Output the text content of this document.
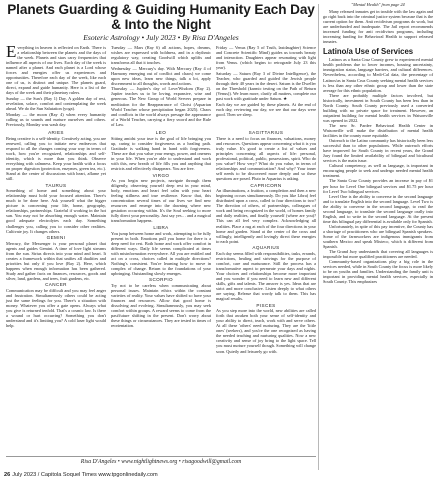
Planets Guarding & Guiding Humanity Each Day & Into the Night
Esoteric Astrology • July 2023 • By Risa D'Angeles

Everything in heaven is reflected on Earth. There is a relationship between the planets and the days of the week. Planets and stars carry frequencies that influence all aspects of our lives. Each day of the week is named after a planet. And each planet is a Lord whose forces and energies offer us experiences and opportunities. Therefore each day of the week, like each one of us, is distinct and unique. The planets guard, direct, expand and guide humanity. Here is a list of the days of the week and their planetary rulers.

Sunday — the Sun's (Ray 1) Day. A golden day of rest, revelation, solace, comfort and contemplating the week ahead. We do the Sun Salutation (yoga).

Monday — the moon (Ray 4) when every humanity calling us to sounds and nurture ourselves and others. Previously, Monday was wash day.

Tuesday — Mars (Ray 6) all actions, hopes, dreams, wishes are expressed with boldness, and in a rhythmic regulatory way, creating Goodwill which uplifts and transforms all that it touches.

Wednesday — Mercury's day. With Mercury (Ray 4 of Harmony emerging out of conflict and chaos) we come upon new ideas, learn new things, talk a lot, apply discernment to all thoughts, words and actions.

Thursday — Jupiter's day of Love/Wisdom (Ray 2). Jupiter teaches us to be loving, expansive, wise and generous. The New Group of World Servers prepare in meditation for the Reappearance of Christ (Aquarian World Teacher whose precipitation began 2025). Chaos and conflicts in the world always presage the appearance of a World Teacher, carrying a fiery sword and the Rule of Law.

Friday — Venus (Ray 5 of Truth, lastdaughter) Science and Concrete Scientific Mind) guides us towards beauty and interaction. Daughters appear resonating with light from Venus. (which begins to retrograde July 23 this year).

Saturday — Saturn (Ray 3 of Divine Intelligence), the Teacher, who guarded and guided the Jewish people through their 40 years in the desert. Saturn is the Dweller on the Threshold (karmic testing on the Path of Return (Venus)). We learn more, clarify all matters, complete our past work with gratitude under Saturn. ★

Each day we are guided by these planets. At the end of each day, reviewing our day, we see that our days were good. Then we sleep.

ARIES

Being creative is a self-identity. Creatively acting, you are renewed, calling you to initiate new endeavors that respond to all the changes coming your way in terms of work, how you're recognized, relationships and self-identity, which is more than you think. Observe everything with calmness. Keep your health with a focus on proper digestion (protection, enzymes, green tea, etc.). Stand at the center of discussions with heart, aflame yet still.

TAURUS

Something of home and something about your relationship must hold your focused attention. There's much to be done here. Ask yourself what the bigger picture is concerning your life, home, geography, relationships, partnerships. Grateful if working in the hot sun. You may not be absorbing enough water. Maintain good adequate electrolytes each day. Something challenges you, calling you to consider other realities. Cultivate joy. It changes others.

GEMINI

Mercury, the Messenger is your personal planet that agents and guides Gemini. A time of love light streams from the sun. Sirius directs into your mind and heart. It creates a framework within that unifies all dualities and priorities but only if you love (Ray 2). Here, which happens when enough information has been gathered. Study and gather facts on finances, resources, goods and silver, land, gardens, and trees, fruit gardens, etc.

CANCER

Communication may be difficult and you may feel anger and frustration. Simultaneously others could be acting just the same feelings for you. There's a situation with money. Whatever you offer a gate opens. Always what you give is returned tenfold. That's a cosmic law. Is there a wound or hurt occurring? Something you don't understand and it's limiting you? A cold laser light would help.

LEO

Sitting amidst your true is the goal of life bringing you up, caring to consider forgiveness as a healing path. Gratitude is walking hand in hand with forgiveness. These are that you value your energy, power, and oneness in your life. When you're able to understand and work with this, new breath of life fills you and anything that restricts and effectively disappears. You are free.

VIRGO

As you begin new projects, navigate through them diligently, observing yourself deep rest in your mind, body, emotions and heart feel calm with your heart feeling stillness and true resilience. Know that, this concentration several times of our lives we find new resources and emerge into the dawning where new gestation occurring within. It's the Soul seeking to more fully direct your personality. Just say yes… and a magical transformation happens.

LIBRA

You jump between home and work, attempting to be fully present in both. Emotions pull you home for there is a deep need for rest. Both home and work offer comfort in different ways. Daily life seems complicated at times with misinformation everywhere. All you are entitled and act on a cross, choices called in multiple directions? Nothing's consistent. You're learning how to move in complex of change. Return to the foundations of your upbringing. Outstanding slowly emerges.

SCORPIO

Try not to be careless when communicating about personal issues. Maintain ethics within the constant varieties of reality. Your values have shifted so have your finances and resources. Allow that good home is dissolving and evolving. Simultaneously, you may seek comfort within groups. A reward seems to come from the past/future shifting in the present. Don't worry about these things or circumstances. They are tested in times of reorientation.

SAGITTARIUS

There is a need to focus on finances, valuations, money and resources. Questions appear concerning what it is you truly value. It's good to create a list of values and principles concerning all aspects of life: personal, professional, political, public, possessions, spirit. Who do you value? How very? What do you value, in terms of relationships and communication? And why? Your inner self needs to be discovered more deeply and so these questions are posed. Pluto in Aquarius is asking.

CAPRICORN

An illuminations, a fruition, a completion and then a new beginning occurs simultaneously. Do you like Libra) feel distributed upon a cross, called to four directions to two? The direction of others, of partnerships, colleagues of work and being recognized in the world, of homes family and daily realities, and finally yourself (where are you)? This can all feel very complex. Acknowledging all realities. Place a rug at each of the four directions in your home and garden. Stand at the center of the cross and willingly, intelligently and lovingly direct these energies to each point.

AQUARIUS

Each day seems filled with responsibilities, tasks, errands, restrictions, healing and strivings for the purpose of comfort, care and nurturance. Still the process has a transformative aspect to permeate your days and nights. Your choices and relationships become more important and you wonder if you need to learn new and different skills, gifts and talents. The answer is yes. Ideas that are strict and more conclusive. Listen deeply to what others are saying. Release that wordy talk to them. This has magical results.

PISCES

As you step more into the world, new abilities are called forth that awaken both your sense of self-identity and your ability to direct, teach, work with and serve others. At all these 'others' need nurturing. They are the 'little ones' (seekers), and you're the one recognized as having the needed teaching and nurturing qualities. Now a new creativity and sense of joy bring to the light space. Tell you must nurture yourself though. Something will change soon. Quietly and leisurely go with.

Risa D'Angeles • www.nightlightnews.org • risagoodwill@gmail.com
"Mental Health" from page 24

Many released inmates get in trouble with the law again and go right back into the criminal justice system because that is the current option for them. Anti recidivism programs do work, but are underfunded and inadequate. The Jail report recommends increased funding for anti recidivism programs, including increasing funding for Behavioral Health to support released inmates.

Latino/a Use of Services

Latinos as a Santa Cruz County grew to experienced mental health problems due to lower incomes, housing uncertainty, immigration status, language barriers, and cultural differences. Nevertheless, according to Medi-Cal data, the percentage of Latinos/as in Santa Cruz County seeking mental health services is less than any other ethnic group and lower than the state average for this ethnic population.

There are probably multiple factors involved, but historically, investment in South County has been less than in North County. South County previously used a converted building with no private space for treatment. However, an outpatient building for mental health services in Watsonville was opened in 2022.

The new Sr. Pardee Behavioral Health Center in Watsonville will make the distribution of mental health facilities in the county more equitable.

Outreach to the Latino community has historically been less successful than to other populations. While outreach efforts have improved for South County in recent years, the Grand Jury found the limited availability of bilingual and bicultural services is the main issue.

Cultural competency, as well as language, is important in encouraging people to seek and undergo needed mental health treatment.

The Santa Cruz County provides an increase in pay of $1 per hour for Level One bilingual services and $1.75 per hour for Level Two bilingual services.

Level One is the ability to converse in the second language and to translate English into the second language. Level Two is the ability to converse in the second language, to read the second language, to translate the second language orally into English, and to write in the second language. At the present time this bilingual pay differential is available only for Spanish.

Unfortunately, in spite of this pay incentive, the County has a shortage of practitioners who are bilingual Spanish speakers. Some of the farmworkers are indigenous immigrants from southern Mexico and speak Mixteco, which is different from Spanish.

The Grand Jury understands that covering all languages is impossible but more qualified practitioners are needed.

Community-based organizations play a big role in the services needed, while in South County the focus is more likely to be on youths and families. Understanding the family unit is important in providing mental health services, especially in South County. This emphasizes

26 July 2023 / Capitola Soquel Times www.tpgonlinedaily.com
